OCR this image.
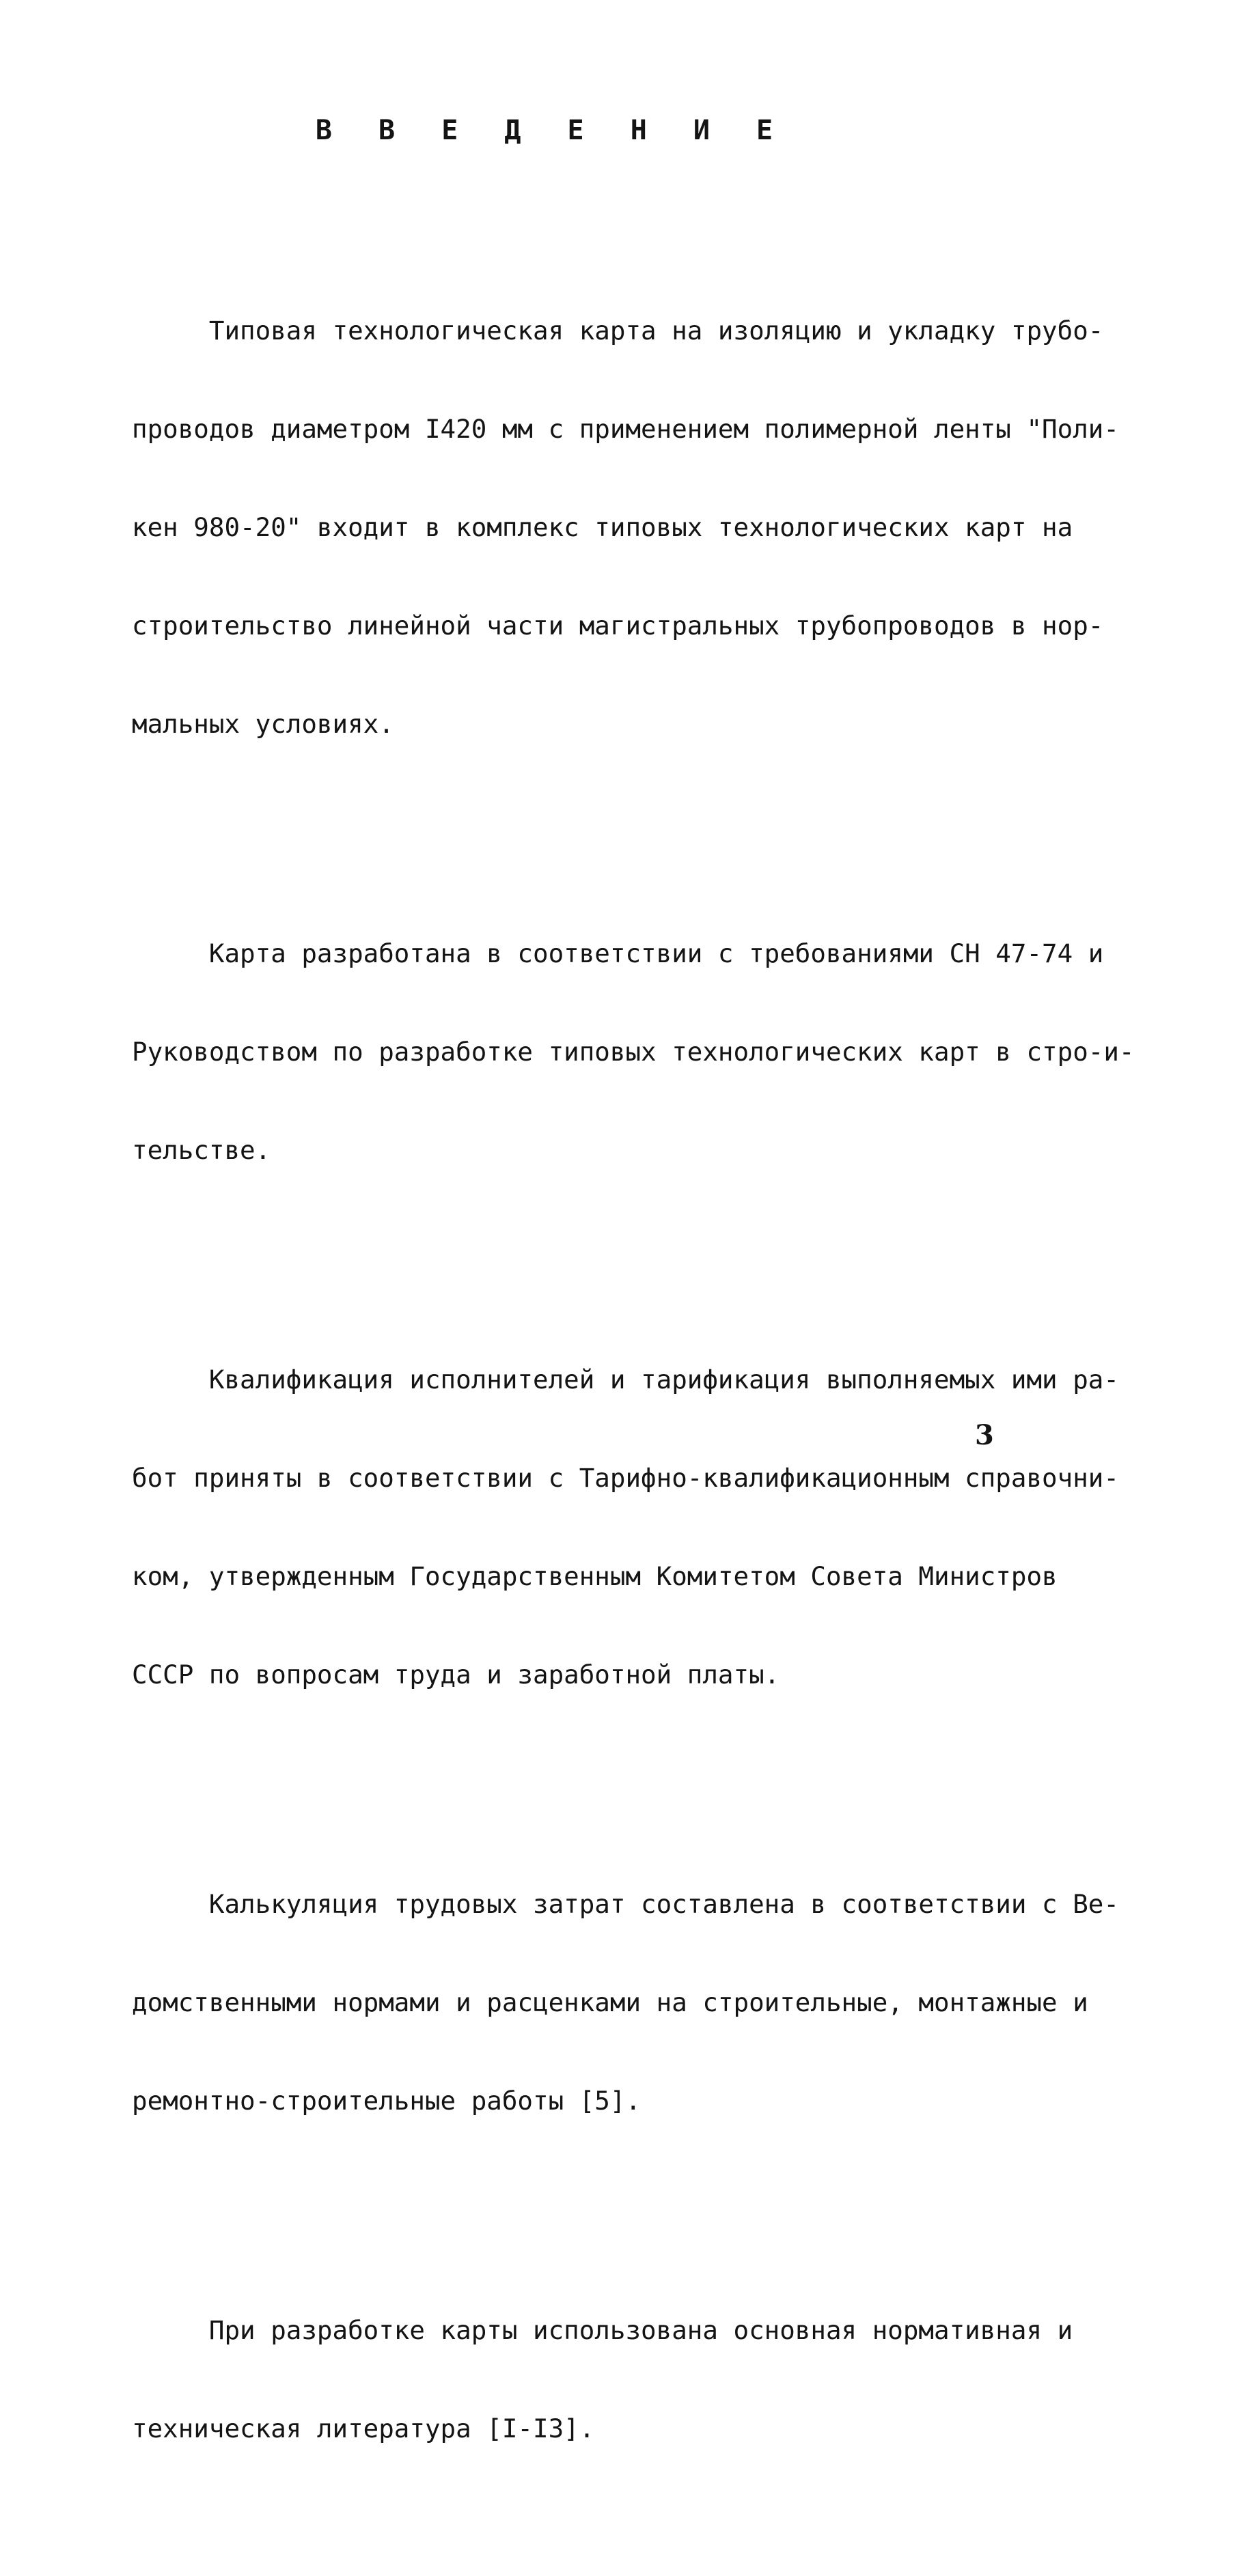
В В Е Д Е Н И Е

Типовая технологическая карта на изоляцию и укладку трубо-

проводов диаметром I420 мм с применением полимерной ленты "Поли-

кен 980-20" входит в комплекс типовых технологических карт на

строительство линейной части магистральных трубопроводов в нор-

мальных условиях.

Карта разработана в соответствии с требованиями СН 47-74 и

Руководством по разработке типовых технологических карт в стро-и-

тельстве.

Квалификация исполнителей и тарификация выполняемых ими ра-

бот приняты в соответствии с Тарифно-квалификационным справочни-

ком, утвержденным Государственным Комитетом Совета Министров

СССР по вопросам труда и заработной платы.

Калькуляция трудовых затрат составлена в соответствии с Ве-

домственными нормами и расценками на строительные, монтажные и

ремонтно-строительные работы [5].

При разработке карты использована основная нормативная и

техническая литература [I-I3].

3
